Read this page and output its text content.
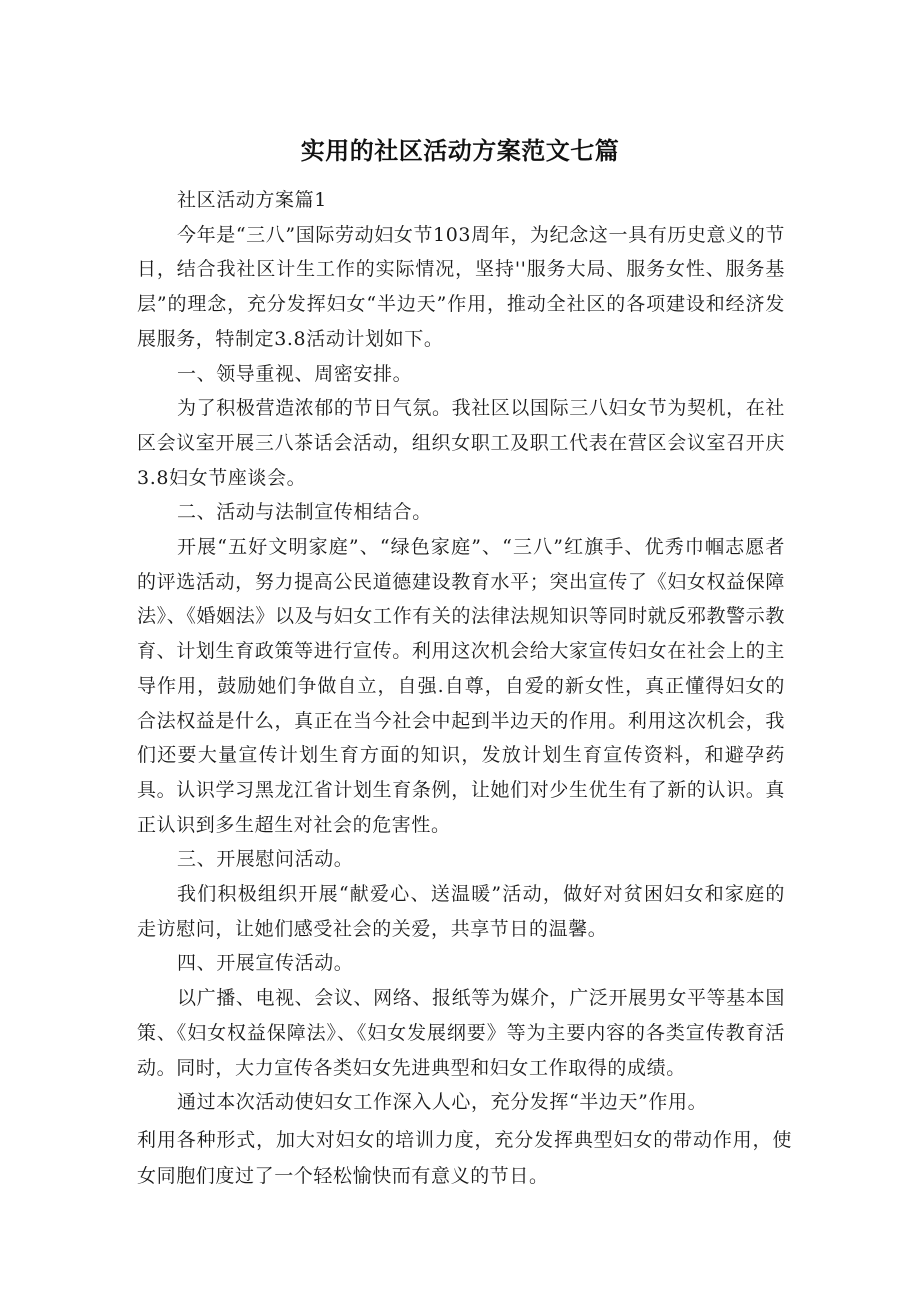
实用的社区活动方案范文七篇

社区活动方案篇1

今年是“三八”国际劳动妇女节103周年，为纪念这一具有历史意义的节日，结合我社区计生工作的实际情况，坚持''服务大局、服务女性、服务基层”的理念，充分发挥妇女“半边天”作用，推动全社区的各项建设和经济发展服务，特制定3.8活动计划如下。

一、领导重视、周密安排。

为了积极营造浓郁的节日气氛。我社区以国际三八妇女节为契机，在社区会议室开展三八茶话会活动，组织女职工及职工代表在营区会议室召开庆3.8妇女节座谈会。

二、活动与法制宣传相结合。

开展“五好文明家庭”、“绿色家庭”、“三八”红旗手、优秀巾帼志愿者的评选活动，努力提高公民道德建设教育水平；突出宣传了《妇女权益保障法》、《婚姻法》以及与妇女工作有关的法律法规知识等同时就反邪教警示教育、计划生育政策等进行宣传。利用这次机会给大家宣传妇女在社会上的主导作用，鼓励她们争做自立，自强.自尊，自爱的新女性，真正懂得妇女的合法权益是什么，真正在当今社会中起到半边天的作用。利用这次机会，我们还要大量宣传计划生育方面的知识，发放计划生育宣传资料，和避孕药具。认识学习黑龙江省计划生育条例，让她们对少生优生有了新的认识。真正认识到多生超生对社会的危害性。

三、开展慰问活动。

我们积极组织开展“献爱心、送温暖”活动，做好对贫困妇女和家庭的走访慰问，让她们感受社会的关爱，共享节日的温馨。

四、开展宣传活动。

以广播、电视、会议、网络、报纸等为媒介，广泛开展男女平等基本国策、《妇女权益保障法》、《妇女发展纲要》等为主要内容的各类宣传教育活动。同时，大力宣传各类妇女先进典型和妇女工作取得的成绩。

通过本次活动使妇女工作深入人心，充分发挥“半边天”作用。

利用各种形式，加大对妇女的培训力度，充分发挥典型妇女的带动作用，使女同胞们度过了一个轻松愉快而有意义的节日。
